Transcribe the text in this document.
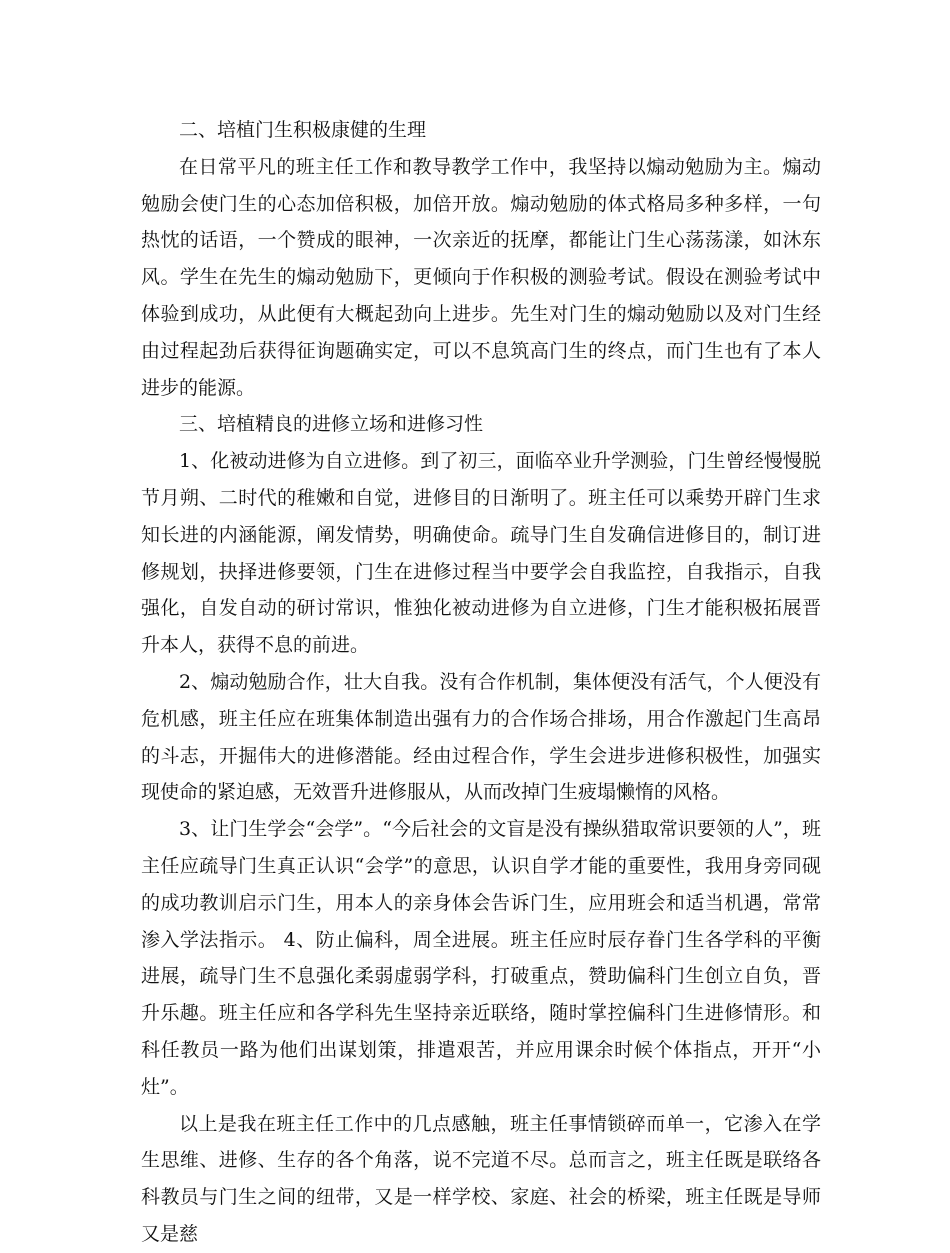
二、培植门生积极康健的生理

在日常平凡的班主任工作和教导教学工作中，我坚持以煽动勉励为主。煽动勉励会使门生的心态加倍积极，加倍开放。煽动勉励的体式格局多种多样，一句热忱的话语，一个赞成的眼神，一次亲近的抚摩，都能让门生心荡荡漾，如沐东风。学生在先生的煽动勉励下，更倾向于作积极的测验考试。假设在测验考试中体验到成功，从此便有大概起劲向上进步。先生对门生的煽动勉励以及对门生经由过程起劲后获得征询题确实定，可以不息筑高门生的终点，而门生也有了本人进步的能源。

三、培植精良的进修立场和进修习性

1、化被动进修为自立进修。到了初三，面临卒业升学测验，门生曾经慢慢脱节月朔、二时代的稚嫩和自觉，进修目的日渐明了。班主任可以乘势开辟门生求知长进的内涵能源，阐发情势，明确使命。疏导门生自发确信进修目的，制订进修规划，抉择进修要领，门生在进修过程当中要学会自我监控，自我指示，自我强化，自发自动的研讨常识，惟独化被动进修为自立进修，门生才能积极拓展晋升本人，获得不息的前进。

2、煽动勉励合作，壮大自我。没有合作机制，集体便没有活气，个人便没有危机感，班主任应在班集体制造出强有力的合作场合排场，用合作激起门生高昂的斗志，开掘伟大的进修潜能。经由过程合作，学生会进步进修积极性，加强实现使命的紧迫感，无效晋升进修服从，从而改掉门生疲塌懒惰的风格。

3、让门生学会“会学”。“今后社会的文盲是没有操纵猎取常识要领的人”，班主任应疏导门生真正认识“会学”的意思，认识自学才能的重要性，我用身旁同砚的成功教训启示门生，用本人的亲身体会告诉门生，应用班会和适当机遇，常常渗入学法指示。 4、防止偏科，周全进展。班主任应时辰存眷门生各学科的平衡进展，疏导门生不息强化柔弱虚弱学科，打破重点，赞助偏科门生创立自负，晋升乐趣。班主任应和各学科先生坚持亲近联络，随时掌控偏科门生进修情形。和科任教员一路为他们出谋划策，排遣艰苦，并应用课余时候个体指点，开开“小灶”。

以上是我在班主任工作中的几点感触，班主任事情锁碎而单一，它渗入在学生思维、进修、生存的各个角落，说不完道不尽。总而言之，班主任既是联络各科教员与门生之间的纽带，又是一样学校、家庭、社会的桥梁，班主任既是导师又是慈
